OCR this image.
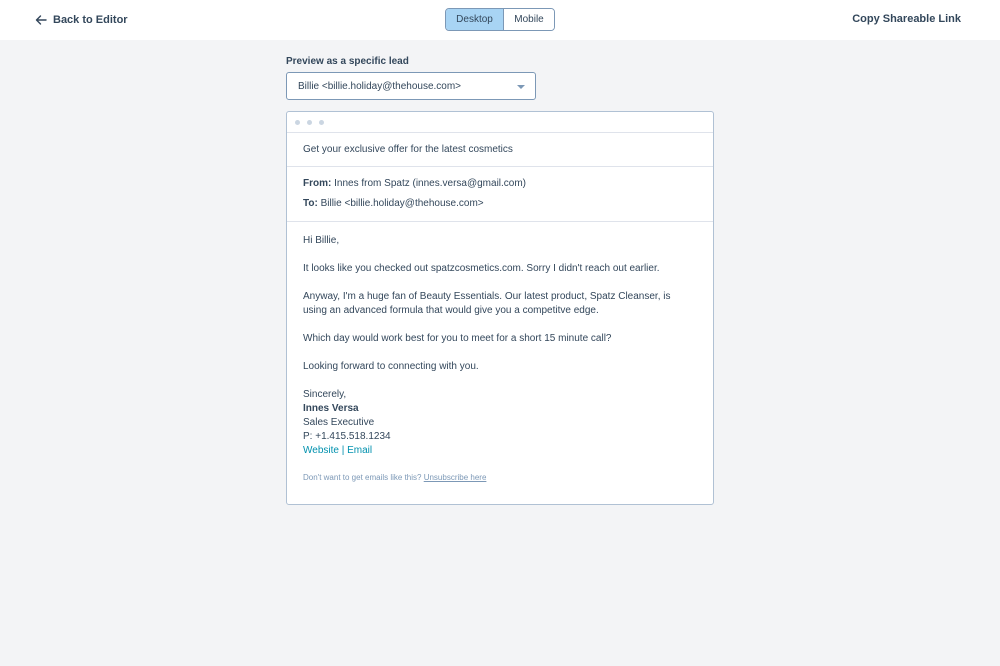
Back to Editor	Desktop	Mobile	Copy Shareable Link
Preview as a specific lead
Billie <billie.holiday@thehouse.com>
Get your exclusive offer for the latest cosmetics
From: Innes from Spatz (innes.versa@gmail.com)
To: Billie <billie.holiday@thehouse.com>

Hi Billie,

It looks like you checked out spatzcosmetics.com. Sorry I didn't reach out earlier.

Anyway, I'm a huge fan of Beauty Essentials. Our latest product, Spatz Cleanser, is using an advanced formula that would give you a competitve edge.

Which day would work best for you to meet for a short 15 minute call?

Looking forward to connecting with you.

Sincerely,
Innes Versa
Sales Executive
P: +1.415.518.1234
Website | Email
Don't want to get emails like this? Unsubscribe here
